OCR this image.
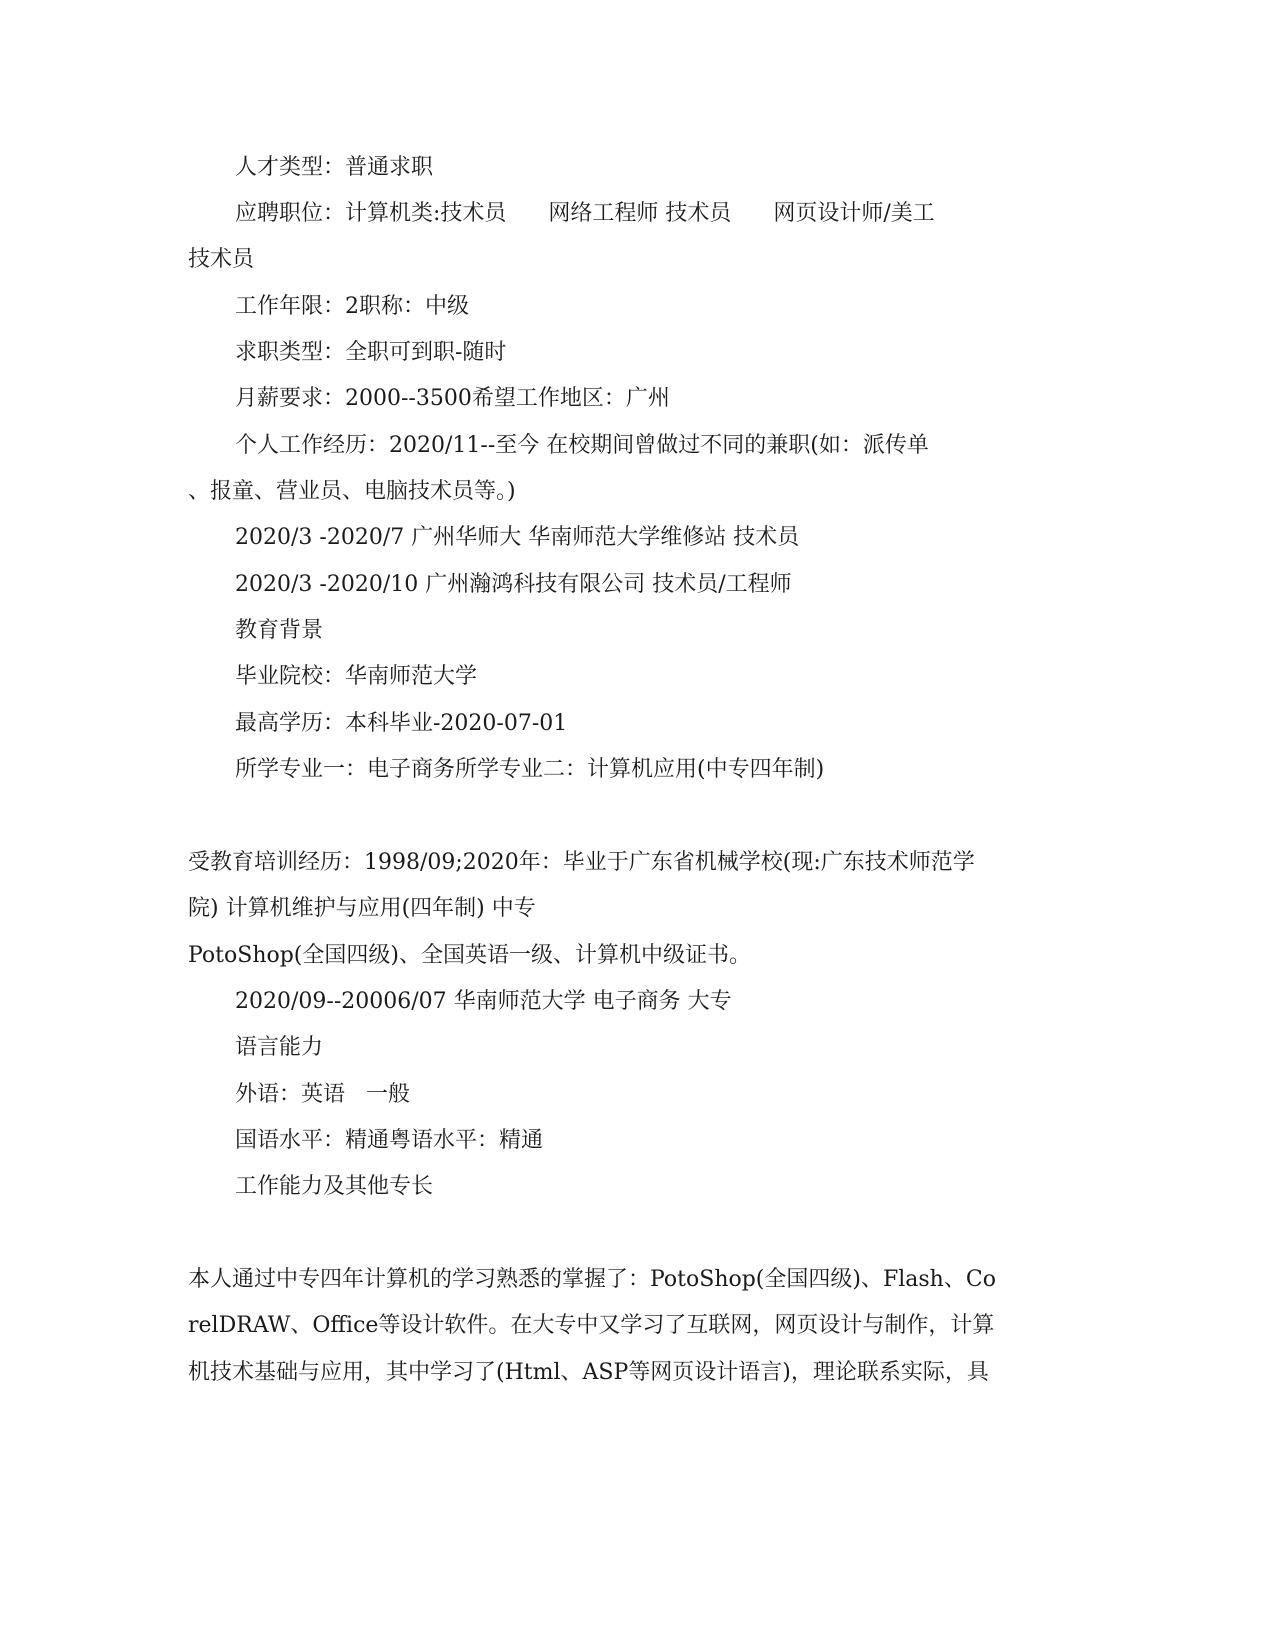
人才类型：普通求职
应聘职位：计算机类:技术员      网络工程师 技术员      网页设计师/美工
技术员
工作年限：2职称：中级
求职类型：全职可到职-随时
月薪要求：2000--3500希望工作地区：广州
个人工作经历：2020/11--至今 在校期间曾做过不同的兼职(如：派传单
、报童、营业员、电脑技术员等。)
2020/3 -2020/7 广州华师大 华南师范大学维修站 技术员
2020/3 -2020/10 广州瀚鸿科技有限公司 技术员/工程师
教育背景
毕业院校：华南师范大学
最高学历：本科毕业-2020-07-01
所学专业一：电子商务所学专业二：计算机应用(中专四年制)
受教育培训经历：1998/09;2020年：毕业于广东省机械学校(现:广东技术师范学
院) 计算机维护与应用(四年制) 中专
PotoShop(全国四级)、全国英语一级、计算机中级证书。
2020/09--20006/07 华南师范大学 电子商务 大专
语言能力
外语：英语   一般
国语水平：精通粤语水平：精通
工作能力及其他专长
本人通过中专四年计算机的学习熟悉的掌握了：PotoShop(全国四级)、Flash、Co
relDRAW、Office等设计软件。在大专中又学习了互联网，网页设计与制作，计算
机技术基础与应用，其中学习了(Html、ASP等网页设计语言)，理论联系实际，具
